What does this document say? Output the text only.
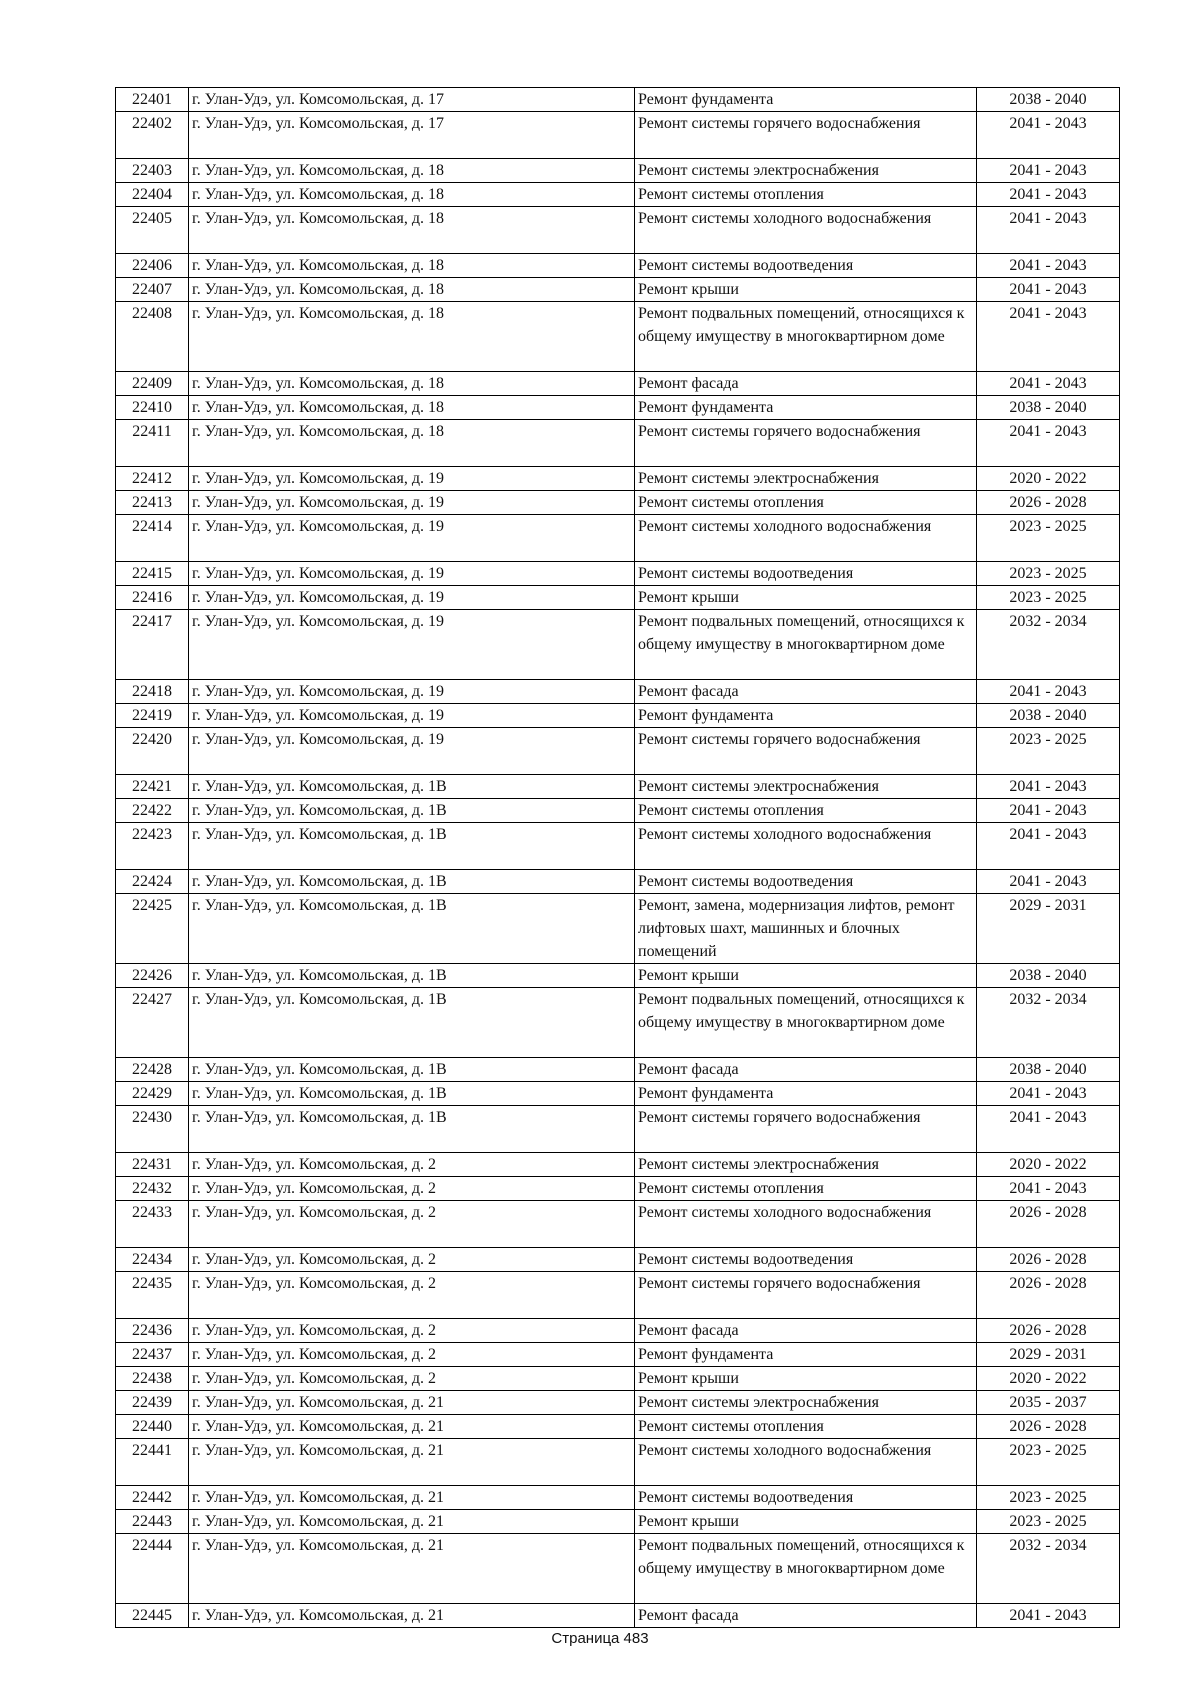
22401	г. Улан-Удэ, ул. Комсомольская, д. 17	Ремонт фундамента	2038 - 2040
22402	г. Улан-Удэ, ул. Комсомольская, д. 17	Ремонт системы горячего водоснабжения	2041 - 2043
22403	г. Улан-Удэ, ул. Комсомольская, д. 18	Ремонт системы электроснабжения	2041 - 2043
22404	г. Улан-Удэ, ул. Комсомольская, д. 18	Ремонт системы отопления	2041 - 2043
22405	г. Улан-Удэ, ул. Комсомольская, д. 18	Ремонт системы холодного водоснабжения	2041 - 2043
22406	г. Улан-Удэ, ул. Комсомольская, д. 18	Ремонт системы водоотведения	2041 - 2043
22407	г. Улан-Удэ, ул. Комсомольская, д. 18	Ремонт крыши	2041 - 2043
22408	г. Улан-Удэ, ул. Комсомольская, д. 18	Ремонт подвальных помещений, относящихся к общему имуществу в многоквартирном доме	2041 - 2043
22409	г. Улан-Удэ, ул. Комсомольская, д. 18	Ремонт фасада	2041 - 2043
22410	г. Улан-Удэ, ул. Комсомольская, д. 18	Ремонт фундамента	2038 - 2040
22411	г. Улан-Удэ, ул. Комсомольская, д. 18	Ремонт системы горячего водоснабжения	2041 - 2043
22412	г. Улан-Удэ, ул. Комсомольская, д. 19	Ремонт системы электроснабжения	2020 - 2022
22413	г. Улан-Удэ, ул. Комсомольская, д. 19	Ремонт системы отопления	2026 - 2028
22414	г. Улан-Удэ, ул. Комсомольская, д. 19	Ремонт системы холодного водоснабжения	2023 - 2025
22415	г. Улан-Удэ, ул. Комсомольская, д. 19	Ремонт системы водоотведения	2023 - 2025
22416	г. Улан-Удэ, ул. Комсомольская, д. 19	Ремонт крыши	2023 - 2025
22417	г. Улан-Удэ, ул. Комсомольская, д. 19	Ремонт подвальных помещений, относящихся к общему имуществу в многоквартирном доме	2032 - 2034
22418	г. Улан-Удэ, ул. Комсомольская, д. 19	Ремонт фасада	2041 - 2043
22419	г. Улан-Удэ, ул. Комсомольская, д. 19	Ремонт фундамента	2038 - 2040
22420	г. Улан-Удэ, ул. Комсомольская, д. 19	Ремонт системы горячего водоснабжения	2023 - 2025
22421	г. Улан-Удэ, ул. Комсомольская, д. 1В	Ремонт системы электроснабжения	2041 - 2043
22422	г. Улан-Удэ, ул. Комсомольская, д. 1В	Ремонт системы отопления	2041 - 2043
22423	г. Улан-Удэ, ул. Комсомольская, д. 1В	Ремонт системы холодного водоснабжения	2041 - 2043
22424	г. Улан-Удэ, ул. Комсомольская, д. 1В	Ремонт системы водоотведения	2041 - 2043
22425	г. Улан-Удэ, ул. Комсомольская, д. 1В	Ремонт, замена, модернизация лифтов, ремонт лифтовых шахт, машинных и блочных помещений	2029 - 2031
22426	г. Улан-Удэ, ул. Комсомольская, д. 1В	Ремонт крыши	2038 - 2040
22427	г. Улан-Удэ, ул. Комсомольская, д. 1В	Ремонт подвальных помещений, относящихся к общему имуществу в многоквартирном доме	2032 - 2034
22428	г. Улан-Удэ, ул. Комсомольская, д. 1В	Ремонт фасада	2038 - 2040
22429	г. Улан-Удэ, ул. Комсомольская, д. 1В	Ремонт фундамента	2041 - 2043
22430	г. Улан-Удэ, ул. Комсомольская, д. 1В	Ремонт системы горячего водоснабжения	2041 - 2043
22431	г. Улан-Удэ, ул. Комсомольская, д. 2	Ремонт системы электроснабжения	2020 - 2022
22432	г. Улан-Удэ, ул. Комсомольская, д. 2	Ремонт системы отопления	2041 - 2043
22433	г. Улан-Удэ, ул. Комсомольская, д. 2	Ремонт системы холодного водоснабжения	2026 - 2028
22434	г. Улан-Удэ, ул. Комсомольская, д. 2	Ремонт системы водоотведения	2026 - 2028
22435	г. Улан-Удэ, ул. Комсомольская, д. 2	Ремонт системы горячего водоснабжения	2026 - 2028
22436	г. Улан-Удэ, ул. Комсомольская, д. 2	Ремонт фасада	2026 - 2028
22437	г. Улан-Удэ, ул. Комсомольская, д. 2	Ремонт фундамента	2029 - 2031
22438	г. Улан-Удэ, ул. Комсомольская, д. 2	Ремонт крыши	2020 - 2022
22439	г. Улан-Удэ, ул. Комсомольская, д. 21	Ремонт системы электроснабжения	2035 - 2037
22440	г. Улан-Удэ, ул. Комсомольская, д. 21	Ремонт системы отопления	2026 - 2028
22441	г. Улан-Удэ, ул. Комсомольская, д. 21	Ремонт системы холодного водоснабжения	2023 - 2025
22442	г. Улан-Удэ, ул. Комсомольская, д. 21	Ремонт системы водоотведения	2023 - 2025
22443	г. Улан-Удэ, ул. Комсомольская, д. 21	Ремонт крыши	2023 - 2025
22444	г. Улан-Удэ, ул. Комсомольская, д. 21	Ремонт подвальных помещений, относящихся к общему имуществу в многоквартирном доме	2032 - 2034
22445	г. Улан-Удэ, ул. Комсомольская, д. 21	Ремонт фасада	2041 - 2043
Страница 483
